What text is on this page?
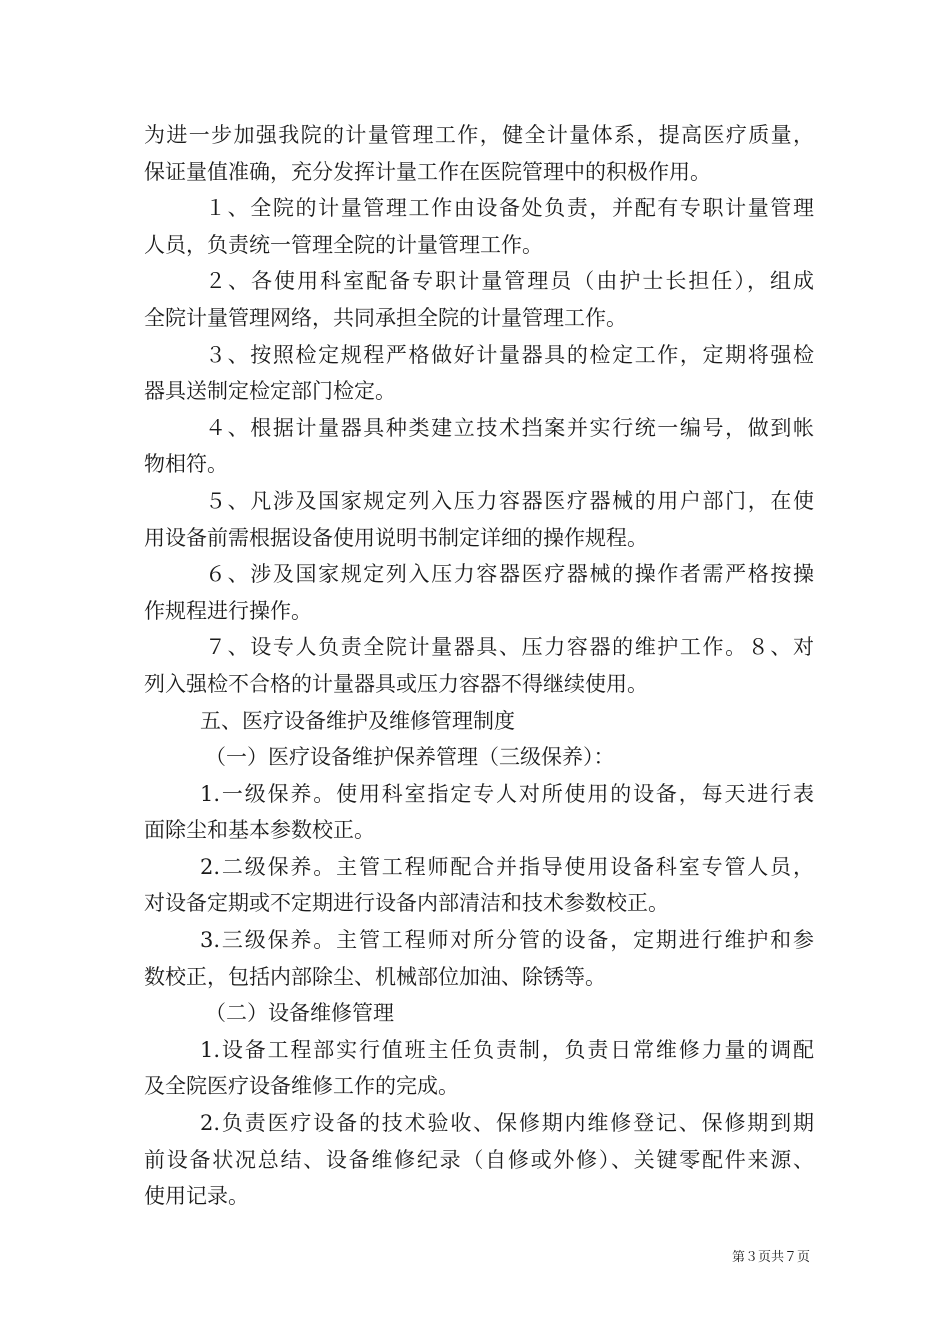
为进一步加强我院的计量管理工作，健全计量体系，提高医疗质量，
保证量值准确，充分发挥计量工作在医院管理中的积极作用。
１、全院的计量管理工作由设备处负责，并配有专职计量管理
人员，负责统一管理全院的计量管理工作。
２、各使用科室配备专职计量管理员（由护士长担任），组成
全院计量管理网络，共同承担全院的计量管理工作。
３、按照检定规程严格做好计量器具的检定工作，定期将强检
器具送制定检定部门检定。
４、根据计量器具种类建立技术挡案并实行统一编号，做到帐
物相符。
５、凡涉及国家规定列入压力容器医疗器械的用户部门，在使
用设备前需根据设备使用说明书制定详细的操作规程。
６、涉及国家规定列入压力容器医疗器械的操作者需严格按操
作规程进行操作。
７、设专人负责全院计量器具、压力容器的维护工作。８、对
列入强检不合格的计量器具或压力容器不得继续使用。
五、医疗设备维护及维修管理制度
（一）医疗设备维护保养管理（三级保养）：
1.一级保养。使用科室指定专人对所使用的设备，每天进行表
面除尘和基本参数校正。
2.二级保养。主管工程师配合并指导使用设备科室专管人员，
对设备定期或不定期进行设备内部清洁和技术参数校正。
3.三级保养。主管工程师对所分管的设备，定期进行维护和参
数校正，包括内部除尘、机械部位加油、除锈等。
（二）设备维修管理
1.设备工程部实行值班主任负责制，负责日常维修力量的调配
及全院医疗设备维修工作的完成。
2.负责医疗设备的技术验收、保修期内维修登记、保修期到期
前设备状况总结、设备维修纪录（自修或外修）、关键零配件来源、
使用记录。
第３页共７页
